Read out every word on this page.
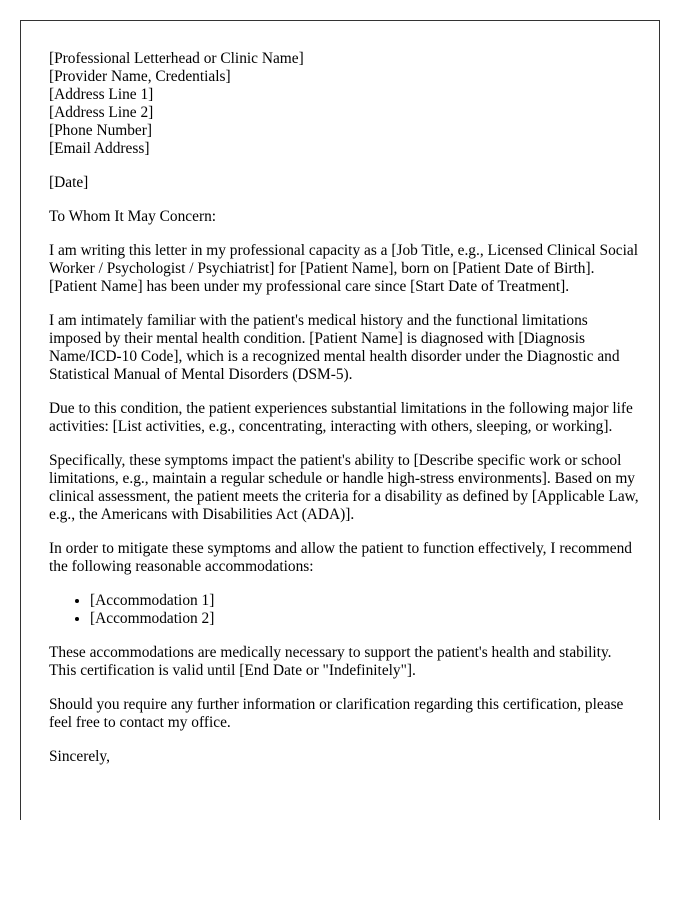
[Professional Letterhead or Clinic Name]
[Provider Name, Credentials]
[Address Line 1]
[Address Line 2]
[Phone Number]
[Email Address]

[Date]

To Whom It May Concern:

I am writing this letter in my professional capacity as a [Job Title, e.g., Licensed Clinical Social Worker / Psychologist / Psychiatrist] for [Patient Name], born on [Patient Date of Birth]. [Patient Name] has been under my professional care since [Start Date of Treatment].

I am intimately familiar with the patient's medical history and the functional limitations imposed by their mental health condition. [Patient Name] is diagnosed with [Diagnosis Name/ICD-10 Code], which is a recognized mental health disorder under the Diagnostic and Statistical Manual of Mental Disorders (DSM-5).

Due to this condition, the patient experiences substantial limitations in the following major life activities: [List activities, e.g., concentrating, interacting with others, sleeping, or working].

Specifically, these symptoms impact the patient's ability to [Describe specific work or school limitations, e.g., maintain a regular schedule or handle high-stress environments]. Based on my clinical assessment, the patient meets the criteria for a disability as defined by [Applicable Law, e.g., the Americans with Disabilities Act (ADA)].

In order to mitigate these symptoms and allow the patient to function effectively, I recommend the following reasonable accommodations:

• [Accommodation 1]
• [Accommodation 2]

These accommodations are medically necessary to support the patient's health and stability. This certification is valid until [End Date or "Indefinitely"].

Should you require any further information or clarification regarding this certification, please feel free to contact my office.

Sincerely,
